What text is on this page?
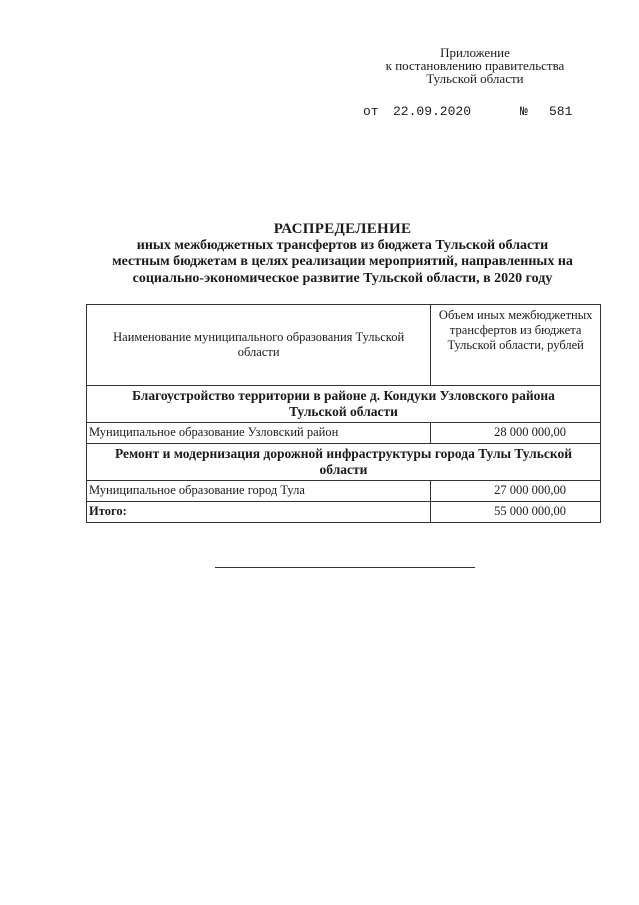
Приложение
к постановлению правительства
Тульской области
от 22.09.2020	№ 581
РАСПРЕДЕЛЕНИЕ
иных межбюджетных трансфертов из бюджета Тульской области
местным бюджетам в целях реализации мероприятий, направленных на
социально-экономическое развитие Тульской области, в 2020 году
Наименование муниципального образования Тульской области	Объем иных межбюджетных трансфертов из бюджета Тульской области, рублей
Благоустройство территории в районе д. Кондуки Узловского района Тульской области	
Муниципальное образование Узловский район	28 000 000,00
Ремонт и модернизация дорожной инфраструктуры города Тулы Тульской области	
Муниципальное образование город Тула	27 000 000,00
Итого:	55 000 000,00
